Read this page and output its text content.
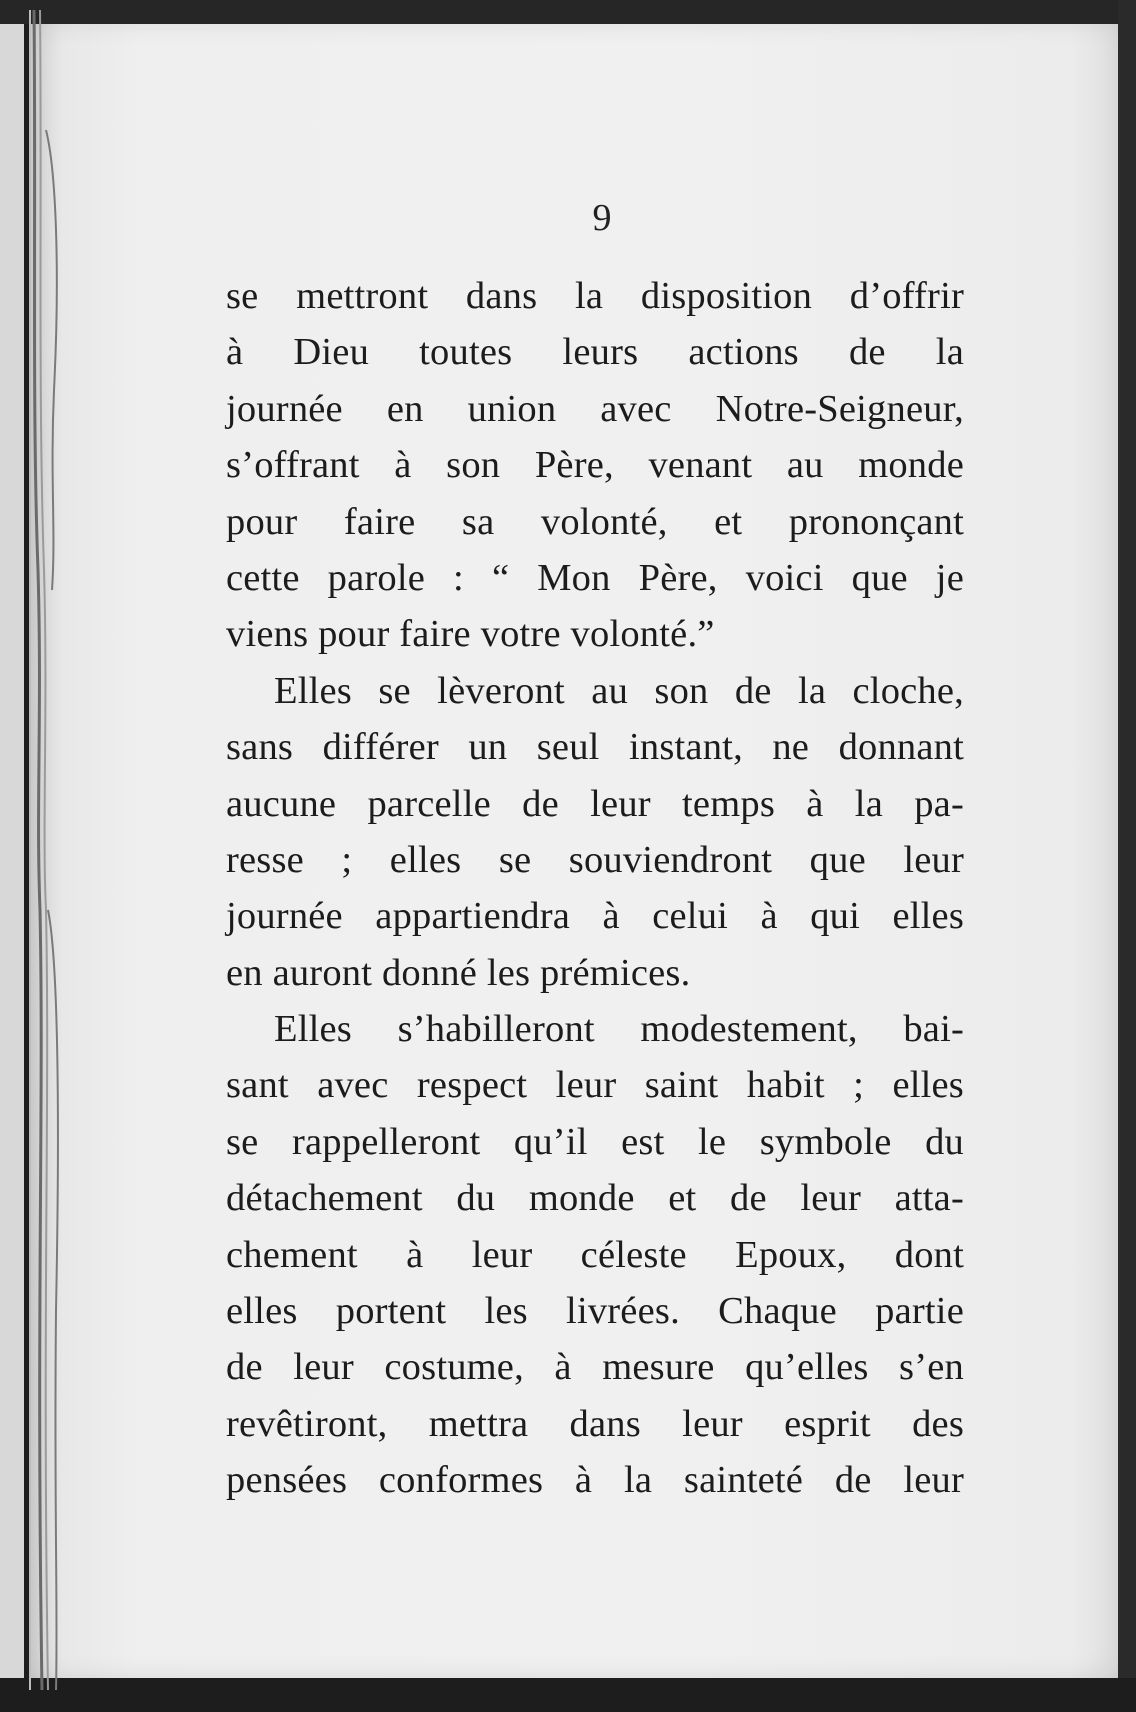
9
se mettront dans la disposition d’offrir
à Dieu toutes leurs actions de la
journée en union avec Notre-Seigneur,
s’offrant à son Père, venant au monde
pour faire sa volonté, et prononçant
cette parole : “ Mon Père, voici que je
viens pour faire votre volonté.”
Elles se lèveront au son de la cloche,
sans différer un seul instant, ne donnant
aucune parcelle de leur temps à la pa-
resse ; elles se souviendront que leur
journée appartiendra à celui à qui elles
en auront donné les prémices.
Elles s’habilleront modestement, bai-
sant avec respect leur saint habit ; elles
se rappelleront qu’il est le symbole du
détachement du monde et de leur atta-
chement à leur céleste Epoux, dont
elles portent les livrées. Chaque partie
de leur costume, à mesure qu’elles s’en
revêtiront, mettra dans leur esprit des
pensées conformes à la sainteté de leur
